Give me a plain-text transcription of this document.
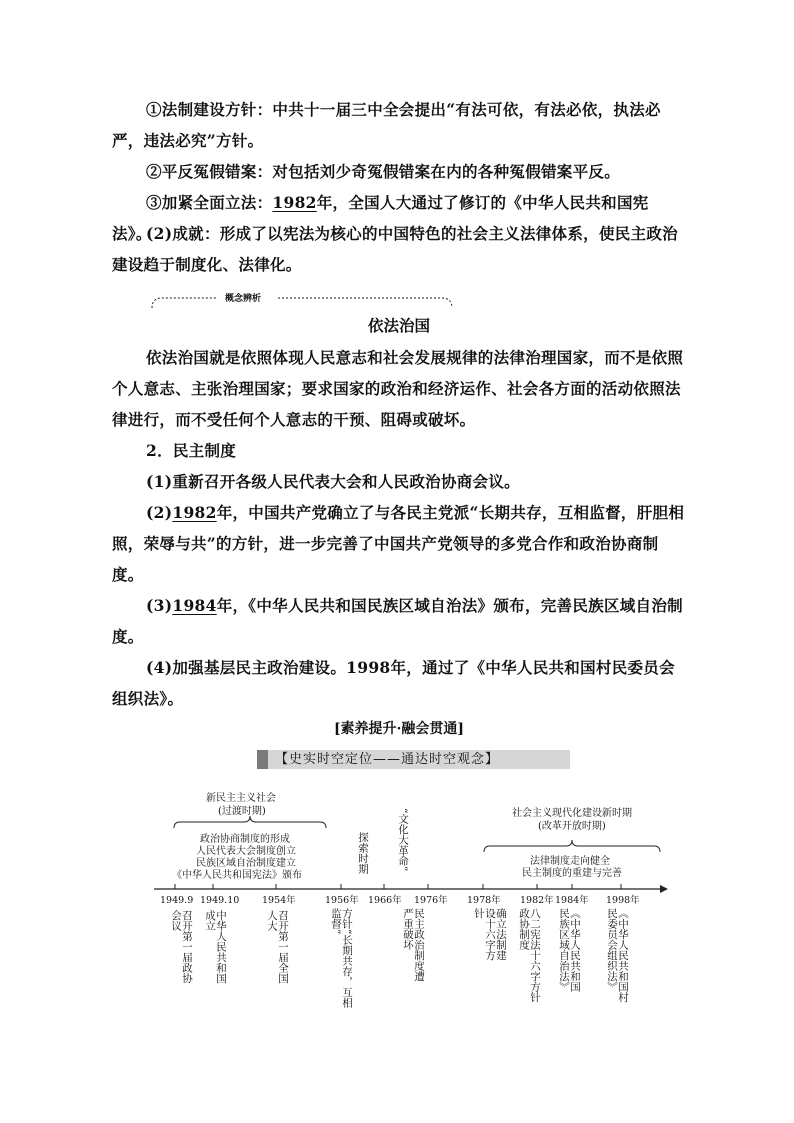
①法制建设方针：中共十一届三中全会提出“有法可依，有法必依，执法必严，违法必究”方针。
②平反冤假错案：对包括刘少奇冤假错案在内的各种冤假错案平反。
③加紧全面立法：1982年，全国人大通过了修订的《中华人民共和国宪法》。
(2)成就：形成了以宪法为核心的中国特色的社会主义法律体系，使民主政治建设趋于制度化、法律化。
概念辨析
依法治国
依法治国就是依照体现人民意志和社会发展规律的法律治理国家，而不是依照个人意志、主张治理国家；要求国家的政治和经济运作、社会各方面的活动依照法律进行，而不受任何个人意志的干预、阻碍或破坏。
2．民主制度
(1)重新召开各级人民代表大会和人民政治协商会议。
(2)1982年，中国共产党确立了与各民主党派“长期共存，互相监督，肝胆相照，荣辱与共”的方针，进一步完善了中国共产党领导的多党合作和政治协商制度。
(3)1984年，《中华人民共和国民族区域自治法》颁布，完善民族区域自治制度。
(4)加强基层民主政治建设。1998年，通过了《中华人民共和国村民委员会组织法》。
[素养提升·融会贯通]
【史实时空定位——通达时空观念】
新民主主义社会
(过渡时期)
政治协商制度的形成
人民代表大会制度创立
民族区域自治制度建立
《中华人民共和国宪法》颁布
探索时期	“文化大革命”	社会主义现代化建设新时期
(改革开放时期)
法律制度走向健全
民主制度的重建与完善
1949.9 1949.10 1954年	1956年 1966年 1976年 1978年 1982年 1984年 1998年
召开第一届政协会议	中华人民共和国成立	召开第一届全国人大	方针“长期共存，互相监督”	民主政治制度遭严重破坏	确立法制建设十六字方针	八二宪法十六字方针政协制度	《中华人民共和国民族区域自治法》	《中华人民共和国村民委员会组织法》
